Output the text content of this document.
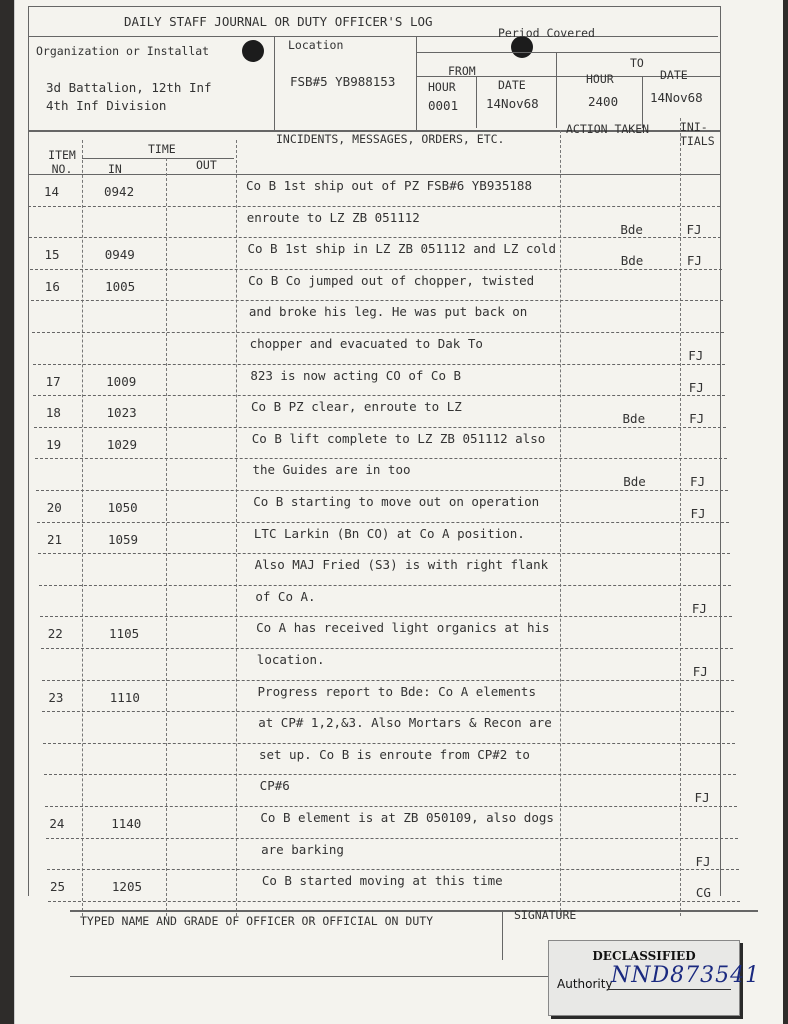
DAILY STAFF JOURNAL OR DUTY OFFICER'S LOG
Organization or Installat	Location
Period Covered
FROM
TO
HOUR	DATE	HOUR	DATE
3d Battalion, 12th Inf
4th Inf Division
FSB#5 YB988153
0001 14Nov68	2400	14Nov68
ITEM NO.
TIME
IN	OUT
INCIDENTS, MESSAGES, ORDERS, ETC.
ACTION TAKEN	INI- TIALS
14	0942	Co B 1st ship out of PZ FSB#6 YB935188
enroute to LZ ZB 051112
Bde	FJ
15	0949	Co B 1st ship in LZ ZB 051112 and LZ cold
Bde	FJ
16	1005	Co B Co jumped out of chopper, twisted
and broke his leg. He was put back on
chopper and evacuated to Dak To
FJ
17	1009	823 is now acting CO of Co B
FJ
18	1023	Co B PZ clear, enroute to LZ
Bde	FJ
19	1029	Co B lift complete to LZ ZB 051112 also
the Guides are in too
Bde	FJ
20	1050	Co B starting to move out on operation
FJ
21	1059	LTC Larkin (Bn CO) at Co A position.
Also MAJ Fried (S3) is with right flank
of Co A.
FJ
22	1105	Co A has received light organics at his
location.
FJ
23	1110	Progress report to Bde: Co A elements
at CP# 1,2,&3. Also Mortars & Recon are
set up. Co B is enroute from CP#2 to
CP#6
FJ
24	1140	Co B element is at ZB 050109, also dogs
are barking
FJ
25	1205	Co B started moving at this time
CG
TYPED NAME AND GRADE OF OFFICER OR OFFICIAL ON DUTY	SIGNATURE
DECLASSIFIED
Authority
NND873541
